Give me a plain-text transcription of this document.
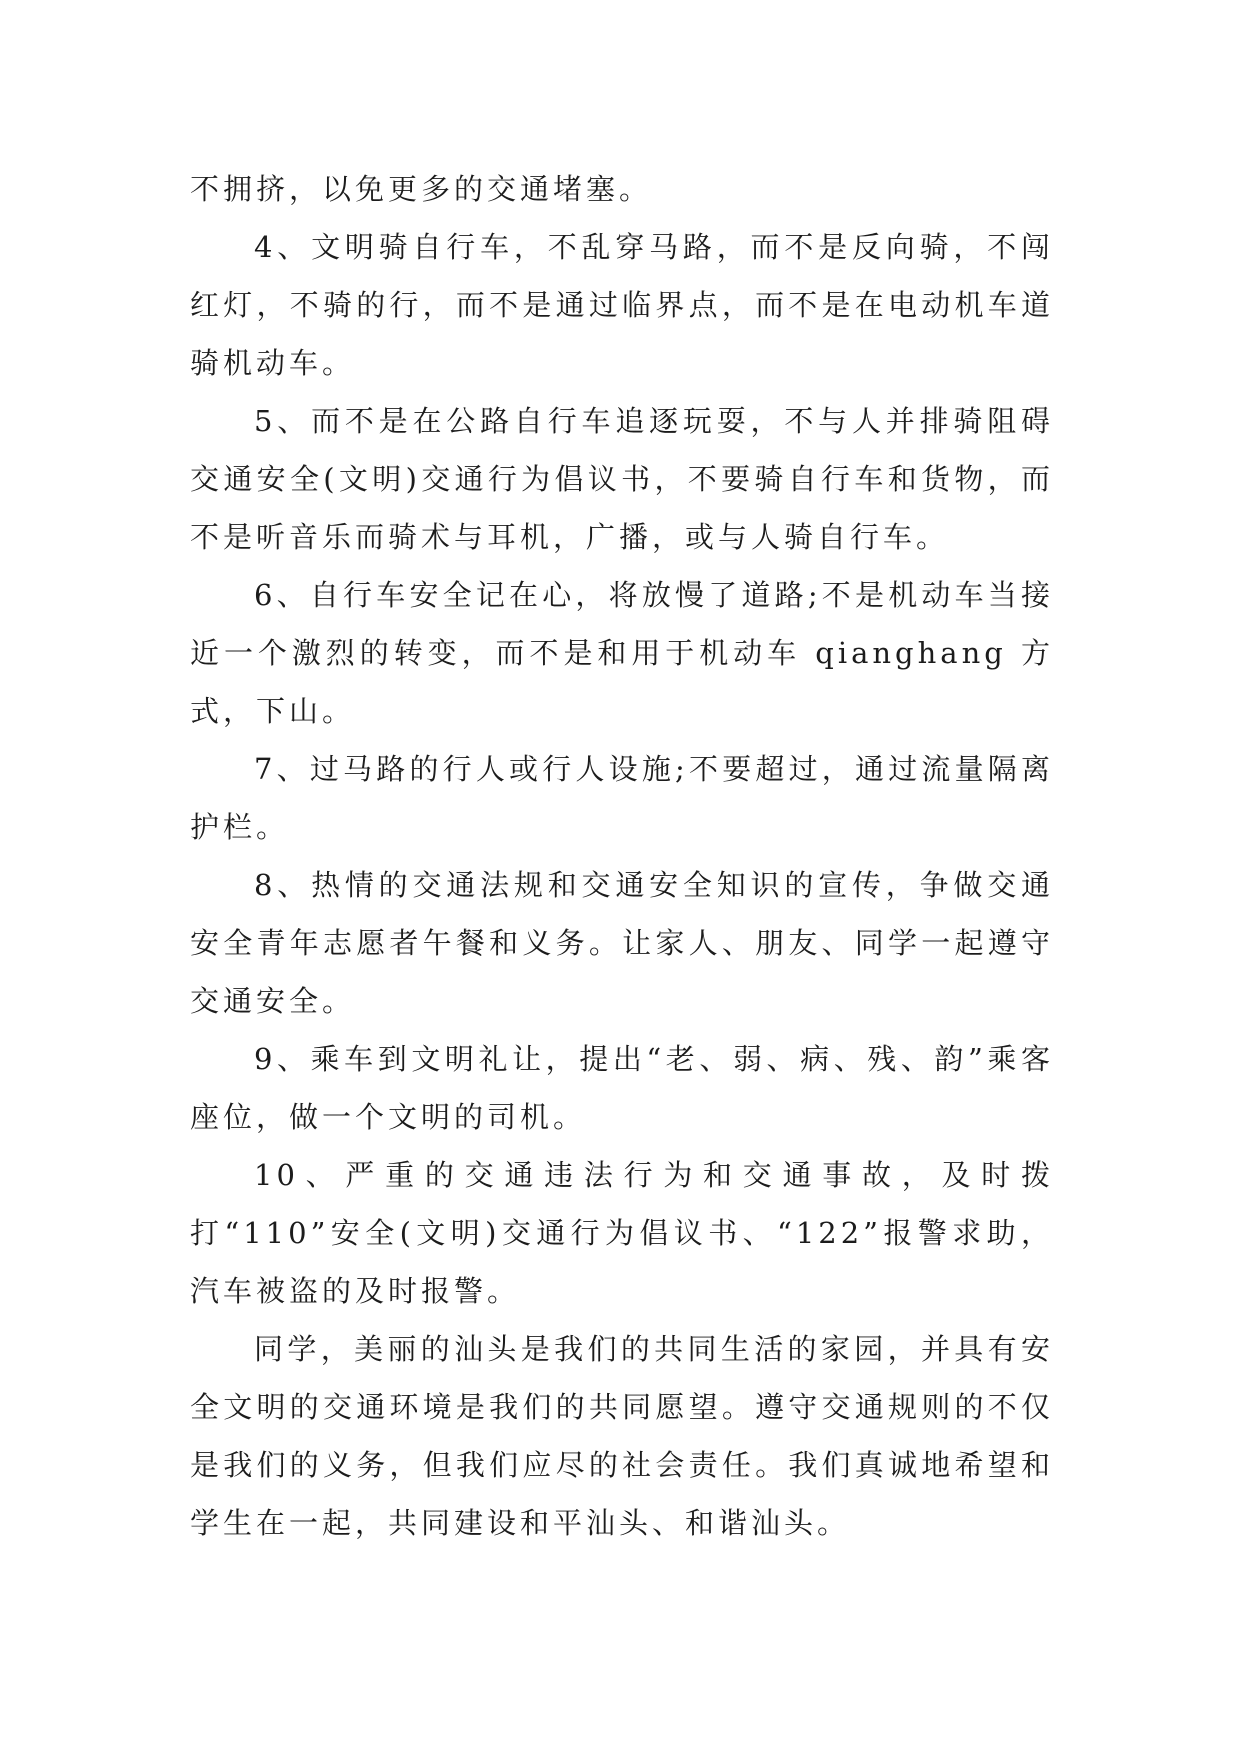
不拥挤，以免更多的交通堵塞。

4、文明骑自行车，不乱穿马路，而不是反向骑，不闯红灯，不骑的行，而不是通过临界点，而不是在电动机车道骑机动车。

5、而不是在公路自行车追逐玩耍，不与人并排骑阻碍交通安全(文明)交通行为倡议书，不要骑自行车和货物，而不是听音乐而骑术与耳机，广播，或与人骑自行车。

6、自行车安全记在心，将放慢了道路;不是机动车当接近一个激烈的转变，而不是和用于机动车 qianghang 方式，下山。

7、过马路的行人或行人设施;不要超过，通过流量隔离护栏。

8、热情的交通法规和交通安全知识的宣传，争做交通安全青年志愿者午餐和义务。让家人、朋友、同学一起遵守交通安全。

9、乘车到文明礼让，提出“老、弱、病、残、韵”乘客座位，做一个文明的司机。

10、严重的交通违法行为和交通事故，及时拨打“110”安全(文明)交通行为倡议书、“122”报警求助，汽车被盗的及时报警。

同学，美丽的汕头是我们的共同生活的家园，并具有安全文明的交通环境是我们的共同愿望。遵守交通规则的不仅是我们的义务，但我们应尽的社会责任。我们真诚地希望和学生在一起，共同建设和平汕头、和谐汕头。
